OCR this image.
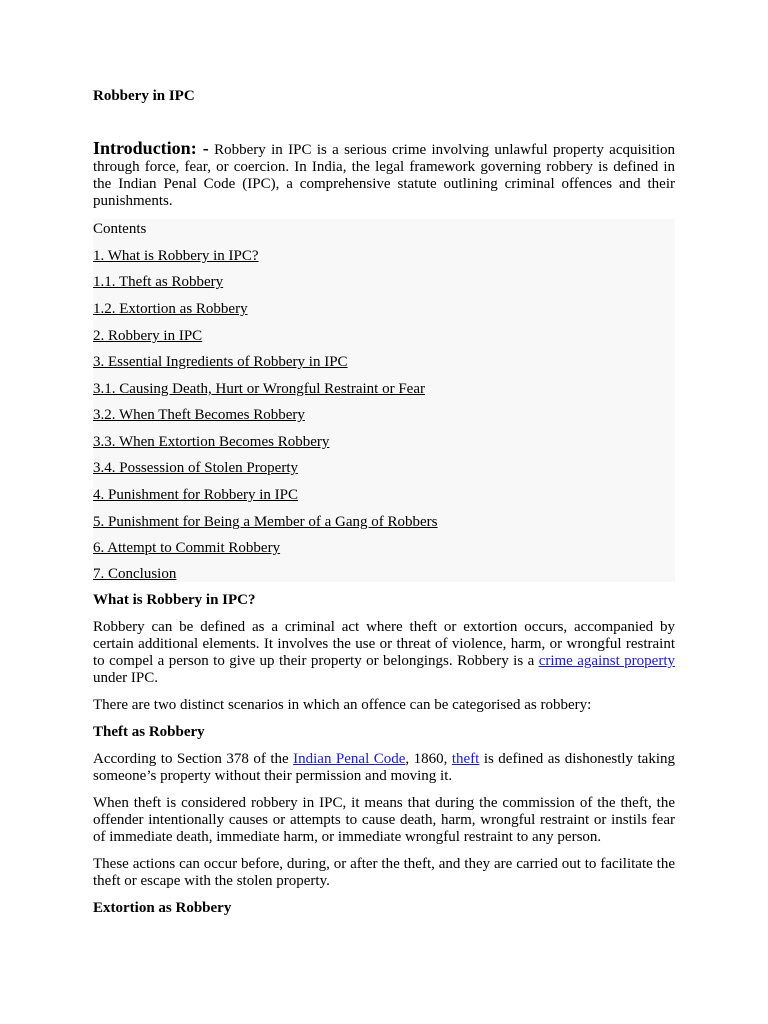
Robbery in IPC

Introduction: - Robbery in IPC is a serious crime involving unlawful property acquisition through force, fear, or coercion. In India, the legal framework governing robbery is defined in the Indian Penal Code (IPC), a comprehensive statute outlining criminal offences and their punishments.

Contents
1. What is Robbery in IPC?
1.1. Theft as Robbery
1.2. Extortion as Robbery
2. Robbery in IPC
3. Essential Ingredients of Robbery in IPC
3.1. Causing Death, Hurt or Wrongful Restraint or Fear
3.2. When Theft Becomes Robbery
3.3. When Extortion Becomes Robbery
3.4. Possession of Stolen Property
4. Punishment for Robbery in IPC
5. Punishment for Being a Member of a Gang of Robbers
6. Attempt to Commit Robbery
7. Conclusion
What is Robbery in IPC?

Robbery can be defined as a criminal act where theft or extortion occurs, accompanied by certain additional elements. It involves the use or threat of violence, harm, or wrongful restraint to compel a person to give up their property or belongings. Robbery is a crime against property under IPC.

There are two distinct scenarios in which an offence can be categorised as robbery:

Theft as Robbery

According to Section 378 of the Indian Penal Code, 1860, theft is defined as dishonestly taking someone’s property without their permission and moving it.

When theft is considered robbery in IPC, it means that during the commission of the theft, the offender intentionally causes or attempts to cause death, harm, wrongful restraint or instils fear of immediate death, immediate harm, or immediate wrongful restraint to any person.

These actions can occur before, during, or after the theft, and they are carried out to facilitate the theft or escape with the stolen property.

Extortion as Robbery
